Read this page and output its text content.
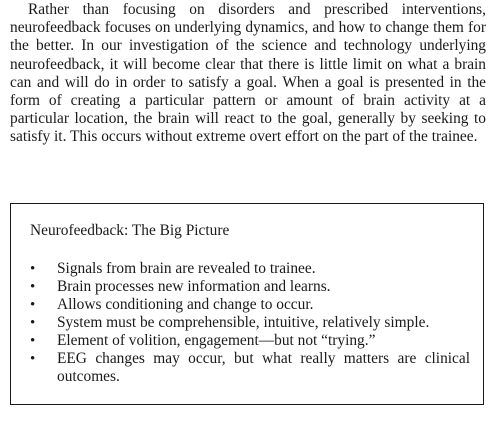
Rather than focusing on disorders and prescribed interventions, neurofeedback focuses on underlying dynamics, and how to change them for the better. In our investigation of the science and technology underlying neurofeedback, it will become clear that there is little limit on what a brain can and will do in order to satisfy a goal. When a goal is presented in the form of creating a particular pattern or amount of brain activity at a particular location, the brain will react to the goal, generally by seeking to satisfy it. This occurs without extreme overt effort on the part of the trainee.

Neurofeedback: The Big Picture

•	Signals from brain are revealed to trainee.
•	Brain processes new information and learns.
•	Allows conditioning and change to occur.
•	System must be comprehensible, intuitive, relatively simple.
•	Element of volition, engagement—but not “trying.”
•	EEG changes may occur, but what really matters are clinical outcomes.
